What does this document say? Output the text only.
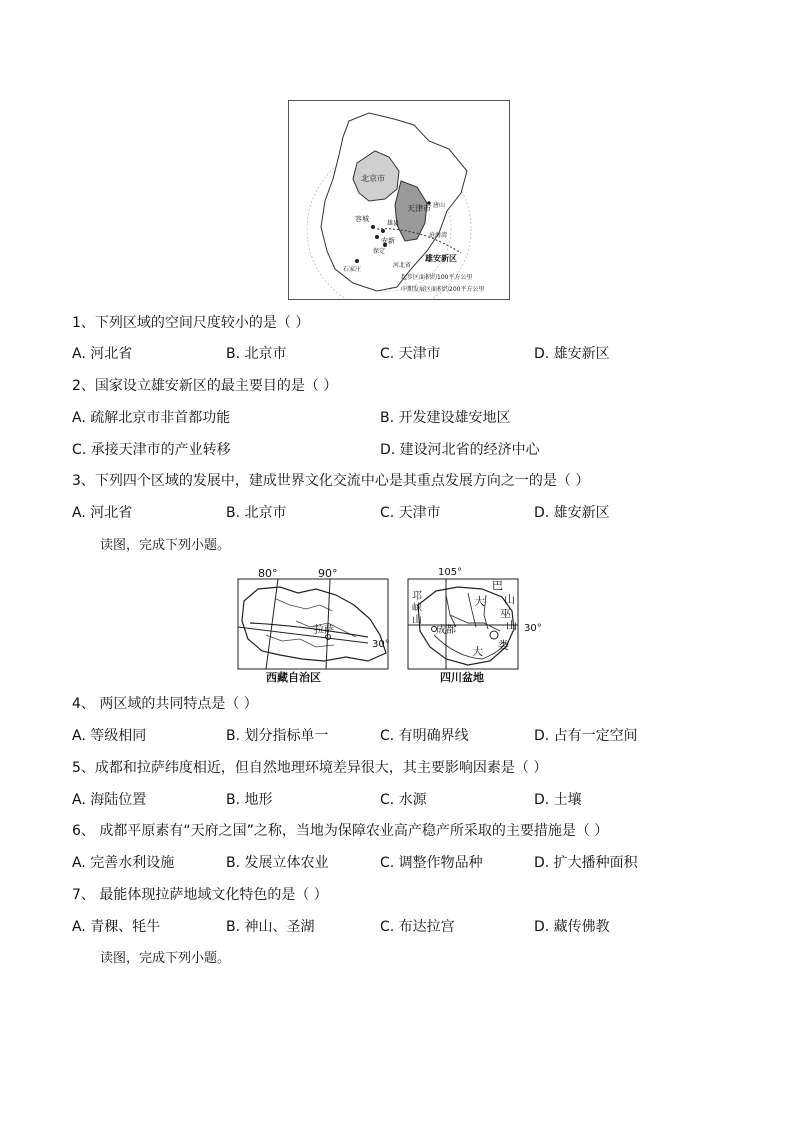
北京市
天津市 唐山
容城
雄县
安新
保定
沧海湾
雄安新区
石家庄
河北省
起步区面积约100平方公里
中期发展区面积约200平方公里
1、下列区域的空间尺度较小的是（ ）
A. 河北省	B. 北京市	C. 天津市	D. 雄安新区
2、国家设立雄安新区的最主要目的是（ ）
A. 疏解北京市非首都功能	B. 开发建设雄安地区
C. 承接天津市的产业转移	D. 建设河北省的经济中心
3、下列四个区域的发展中，建成世界文化交流中心是其重点发展方向之一的是（ ）
A. 河北省	B. 北京市	C. 天津市	D. 雄安新区
读图，完成下列小题。
80°	90°
拉萨
30°
西藏自治区
105°
邛
崃
山
成都
大
巴
山
巫
山
大 娄
30°
四川盆地
4、 两区域的共同特点是（ ）
A. 等级相同	B. 划分指标单一	C. 有明确界线	D. 占有一定空间
5、成都和拉萨纬度相近，但自然地理环境差异很大，其主要影响因素是（ ）
A. 海陆位置	B. 地形	C. 水源	D. 土壤
6、 成都平原素有“天府之国”之称，当地为保障农业高产稳产所采取的主要措施是（ ）
A. 完善水利设施	B. 发展立体农业	C. 调整作物品种	D. 扩大播种面积
7、 最能体现拉萨地域文化特色的是（ ）
A. 青稞、牦牛	B. 神山、圣湖	C. 布达拉宫	D. 藏传佛教
读图，完成下列小题。
